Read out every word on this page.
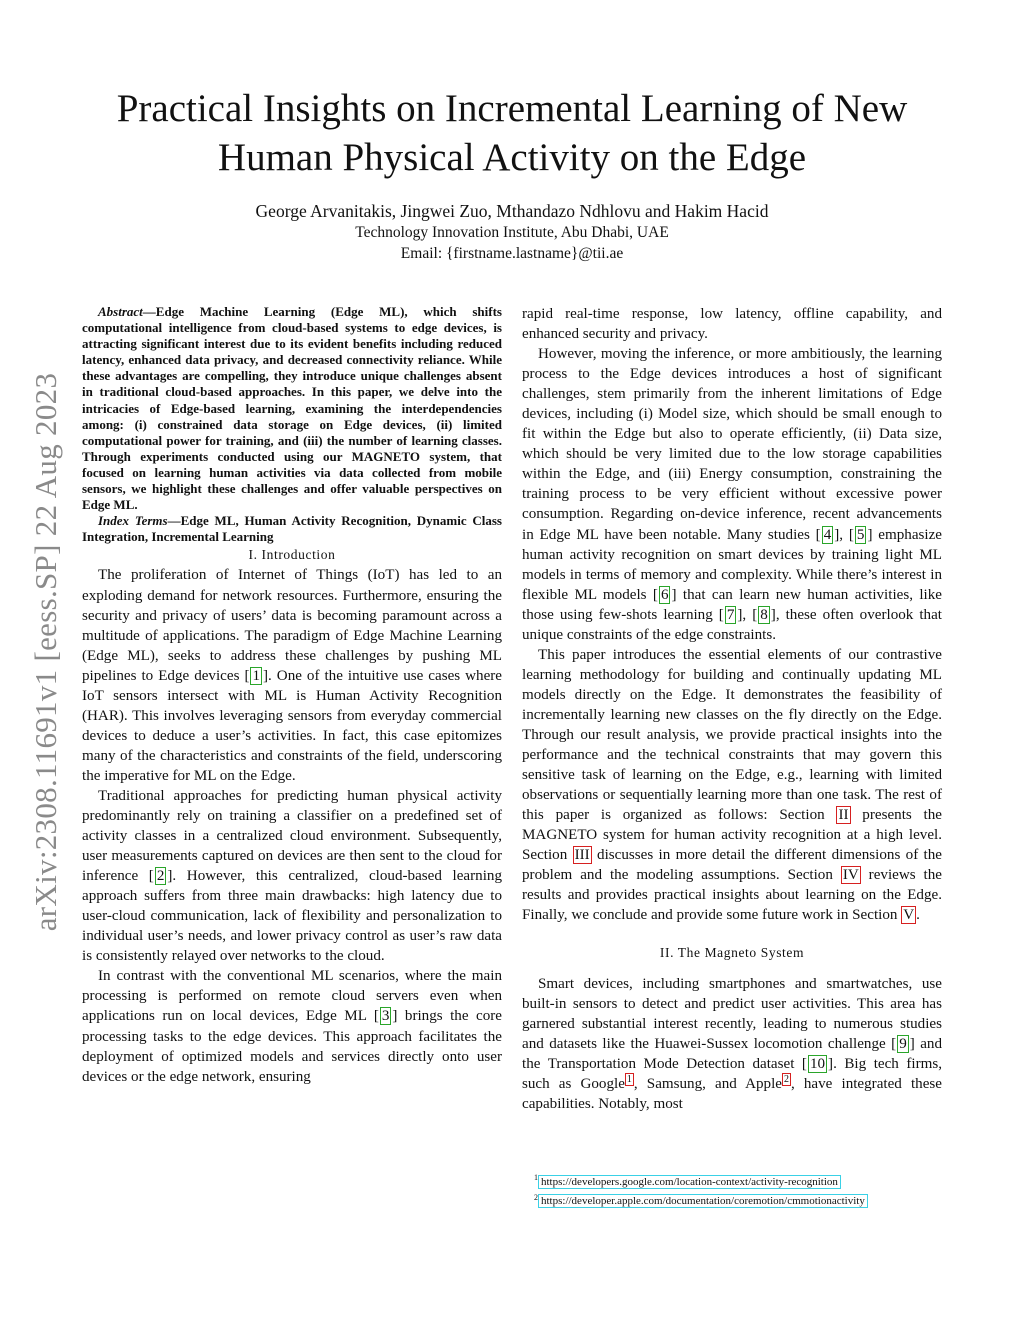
arXiv:2308.11691v1 [eess.SP] 22 Aug 2023
Practical Insights on Incremental Learning of New Human Physical Activity on the Edge
George Arvanitakis, Jingwei Zuo, Mthandazo Ndhlovu and Hakim Hacid
Technology Innovation Institute, Abu Dhabi, UAE
Email: {firstname.lastname}@tii.ae

Abstract—Edge Machine Learning (Edge ML), which shifts computational intelligence from cloud-based systems to edge devices, is attracting significant interest due to its evident benefits including reduced latency, enhanced data privacy, and decreased connectivity reliance. While these advantages are compelling, they introduce unique challenges absent in traditional cloud-based approaches. In this paper, we delve into the intricacies of Edge-based learning, examining the interdependencies among: (i) constrained data storage on Edge devices, (ii) limited computational power for training, and (iii) the number of learning classes. Through experiments conducted using our MAGNETO system, that focused on learning human activities via data collected from mobile sensors, we highlight these challenges and offer valuable perspectives on Edge ML.

Index Terms—Edge ML, Human Activity Recognition, Dynamic Class Integration, Incremental Learning

I. Introduction

The proliferation of Internet of Things (IoT) has led to an exploding demand for network resources. Furthermore, ensuring the security and privacy of users’ data is becoming paramount across a multitude of applications. The paradigm of Edge Machine Learning (Edge ML), seeks to address these challenges by pushing ML pipelines to Edge devices [ 1 ]. One of the intuitive use cases where IoT sensors intersect with ML is Human Activity Recognition (HAR). This involves leveraging sensors from everyday commercial devices to deduce a user’s activities. In fact, this case epitomizes many of the characteristics and constraints of the field, underscoring the imperative for ML on the Edge.

Traditional approaches for predicting human physical activity predominantly rely on training a classifier on a predefined set of activity classes in a centralized cloud environment. Subsequently, user measurements captured on devices are then sent to the cloud for inference [ 2 ]. However, this centralized, cloud-based learning approach suffers from three main drawbacks: high latency due to user-cloud communication, lack of flexibility and personalization to individual user’s needs, and lower privacy control as user’s raw data is consistently relayed over networks to the cloud.

In contrast with the conventional ML scenarios, where the main processing is performed on remote cloud servers even when applications run on local devices, Edge ML [ 3 ] brings the core processing tasks to the edge devices. This approach facilitates the deployment of optimized models and services directly onto user devices or the edge network, ensuring

rapid real-time response, low latency, offline capability, and enhanced security and privacy.

However, moving the inference, or more ambitiously, the learning process to the Edge devices introduces a host of significant challenges, stem primarily from the inherent limitations of Edge devices, including (i) Model size, which should be small enough to fit within the Edge but also to operate efficiently, (ii) Data size, which should be very limited due to the low storage capabilities within the Edge, and (iii) Energy consumption, constraining the training process to be very efficient without excessive power consumption. Regarding on-device inference, recent advancements in Edge ML have been notable. Many studies [ 4 ], [ 5 ] emphasize human activity recognition on smart devices by training light ML models in terms of memory and complexity. While there’s interest in flexible ML models [ 6 ] that can learn new human activities, like those using few-shots learning [ 7 ], [ 8 ], these often overlook that unique constraints of the edge constraints.

This paper introduces the essential elements of our contrastive learning methodology for building and continually updating ML models directly on the Edge. It demonstrates the feasibility of incrementally learning new classes on the fly directly on the Edge. Through our result analysis, we provide practical insights into the performance and the technical constraints that may govern this sensitive task of learning on the Edge, e.g., learning with limited observations or sequentially learning more than one task. The rest of this paper is organized as follows: Section II presents the MAGNETO system for human activity recognition at a high level. Section III discusses in more detail the different dimensions of the problem and the modeling assumptions. Section IV reviews the results and provides practical insights about learning on the Edge. Finally, we conclude and provide some future work in Section V .

II. The Magneto System

Smart devices, including smartphones and smartwatches, use built-in sensors to detect and predict user activities. This area has garnered substantial interest recently, leading to numerous studies and datasets like the Huawei-Sussex locomotion challenge [ 9 ] and the Transportation Mode Detection dataset [ 10 ]. Big tech firms, such as Google $^1$ , Samsung, and Apple $^2$ , have integrated these capabilities. Notably, most

$^1$ https://developers.google.com/location-context/activity-recognition
$^2$ https://developer.apple.com/documentation/coremotion/cmmotionactivity
